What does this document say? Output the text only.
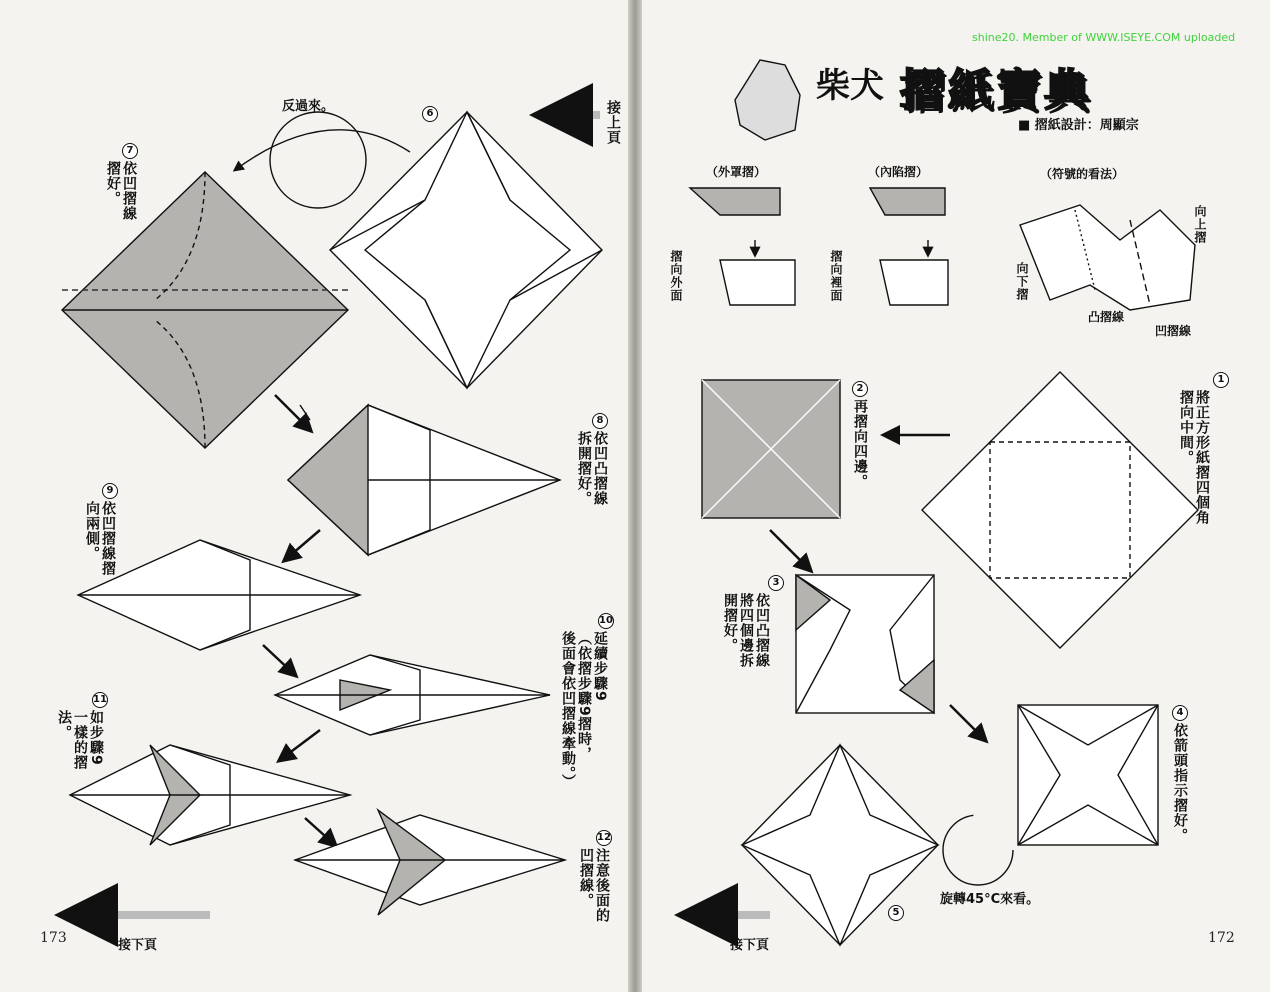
shine20. Member of WWW.ISEYE.COM uploaded
柴犬 摺紙寶典
■ 摺紙設計：周顯宗
（外罩摺）	（內陷摺）	（符號的看法）
摺向外面	摺向裡面
向上摺
向下摺
凸摺線
凹摺線
1
將正方形紙摺四個角
摺向中間。
2
再摺向四邊。
3
依凹凸摺線
將四個邊拆
開摺好。
4
依箭頭指示摺好。
5
6
7
依凹摺線
摺好。
8
依凹凸摺線
拆開摺好。
9
依凹摺線摺
向兩側。
10
延續步驟9
（依摺步驟9摺時，
後面會依凹摺線牽動。）
11
如步驟9
一樣的摺
法。
12
注意後面的
凹摺線。
反過來。	接上頁
接下頁	接下頁
旋轉45°C來看。
173	172
